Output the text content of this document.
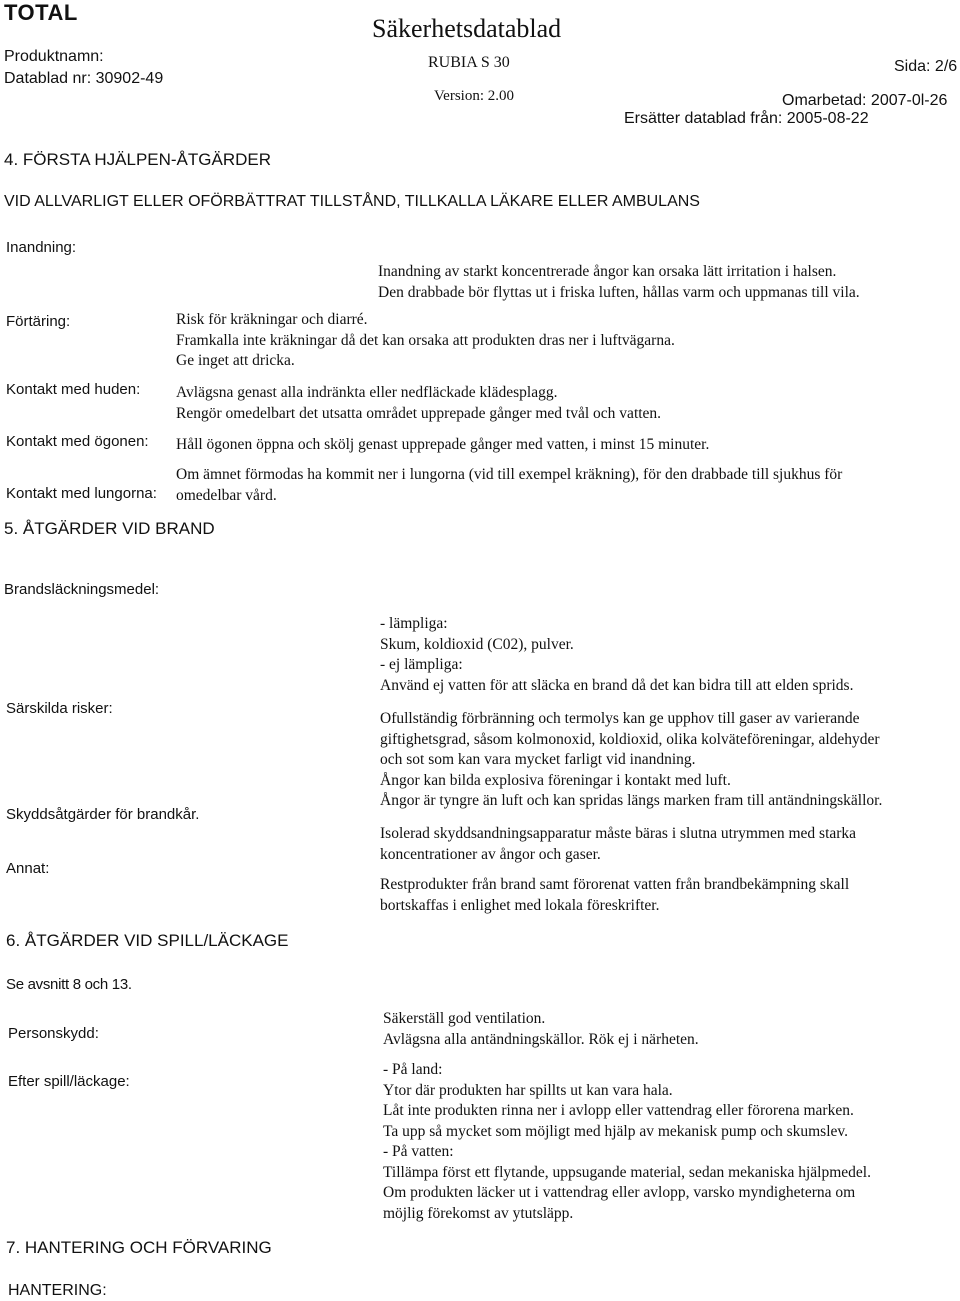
TOTAL
Säkerhetsdatablad
Produktnamn:	RUBIA S 30	Sida: 2/6
Datablad nr: 30902-49
Version: 2.00	Omarbetad: 2007-0l-26
Ersätter datablad från: 2005-08-22
4. FÖRSTA HJÄLPEN-ÅTGÄRDER
VID ALLVARLIGT ELLER OFÖRBÄTTRAT TILLSTÅND, TILLKALLA LÄKARE ELLER AMBULANS
Inandning:
Inandning av starkt koncentrerade ångor kan orsaka lätt irritation i halsen.
Den drabbade bör flyttas ut i friska luften, hållas varm och uppmanas till vila.
Förtäring:	Risk för kräkningar och diarré.
Framkalla inte kräkningar då det kan orsaka att produkten dras ner i luftvägarna.
Ge inget att dricka.
Kontakt med huden: Avlägsna genast alla indränkta eller nedfläckade klädesplagg.
Rengör omedelbart det utsatta området upprepade gånger med tvål och vatten.
Kontakt med ögonen: Håll ögonen öppna och skölj genast upprepade gånger med vatten, i minst 15 minuter.
Kontakt med lungorna:
Om ämnet förmodas ha kommit ner i lungorna (vid till exempel kräkning), för den drabbade till sjukhus för
omedelbar vård.
5. ÅTGÄRDER VID BRAND
Brandsläckningsmedel:
- lämpliga:
Skum, koldioxid (C02), pulver.
- ej lämpliga:
Använd ej vatten för att släcka en brand då det kan bidra till att elden sprids.
Särskilda risker:
Ofullständig förbränning och termolys kan ge upphov till gaser av varierande
giftighetsgrad, såsom kolmonoxid, koldioxid, olika kolväteföreningar, aldehyder
och sot som kan vara mycket farligt vid inandning.
Ångor kan bilda explosiva föreningar i kontakt med luft.
Ångor är tyngre än luft och kan spridas längs marken fram till antändningskällor.
Skyddsåtgärder för brandkår.
Isolerad skyddsandningsapparatur måste bäras i slutna utrymmen med starka
koncentrationer av ångor och gaser.
Annat:
Restprodukter från brand samt förorenat vatten från brandbekämpning skall
bortskaffas i enlighet med lokala föreskrifter.
6. ÅTGÄRDER VID SPILL/LÄCKAGE
Se avsnitt 8 och 13.
Personskydd:
Säkerställ god ventilation.
Avlägsna alla antändningskällor. Rök ej i närheten.
Efter spill/läckage:
- På land:
Ytor där produkten har spillts ut kan vara hala.
Låt inte produkten rinna ner i avlopp eller vattendrag eller förorena marken.
Ta upp så mycket som möjligt med hjälp av mekanisk pump och skumslev.
- På vatten:
Tillämpa först ett flytande, uppsugande material, sedan mekaniska hjälpmedel.
Om produkten läcker ut i vattendrag eller avlopp, varsko myndigheterna om
möjlig förekomst av ytutsläpp.
7. HANTERING OCH FÖRVARING
HANTERING:
